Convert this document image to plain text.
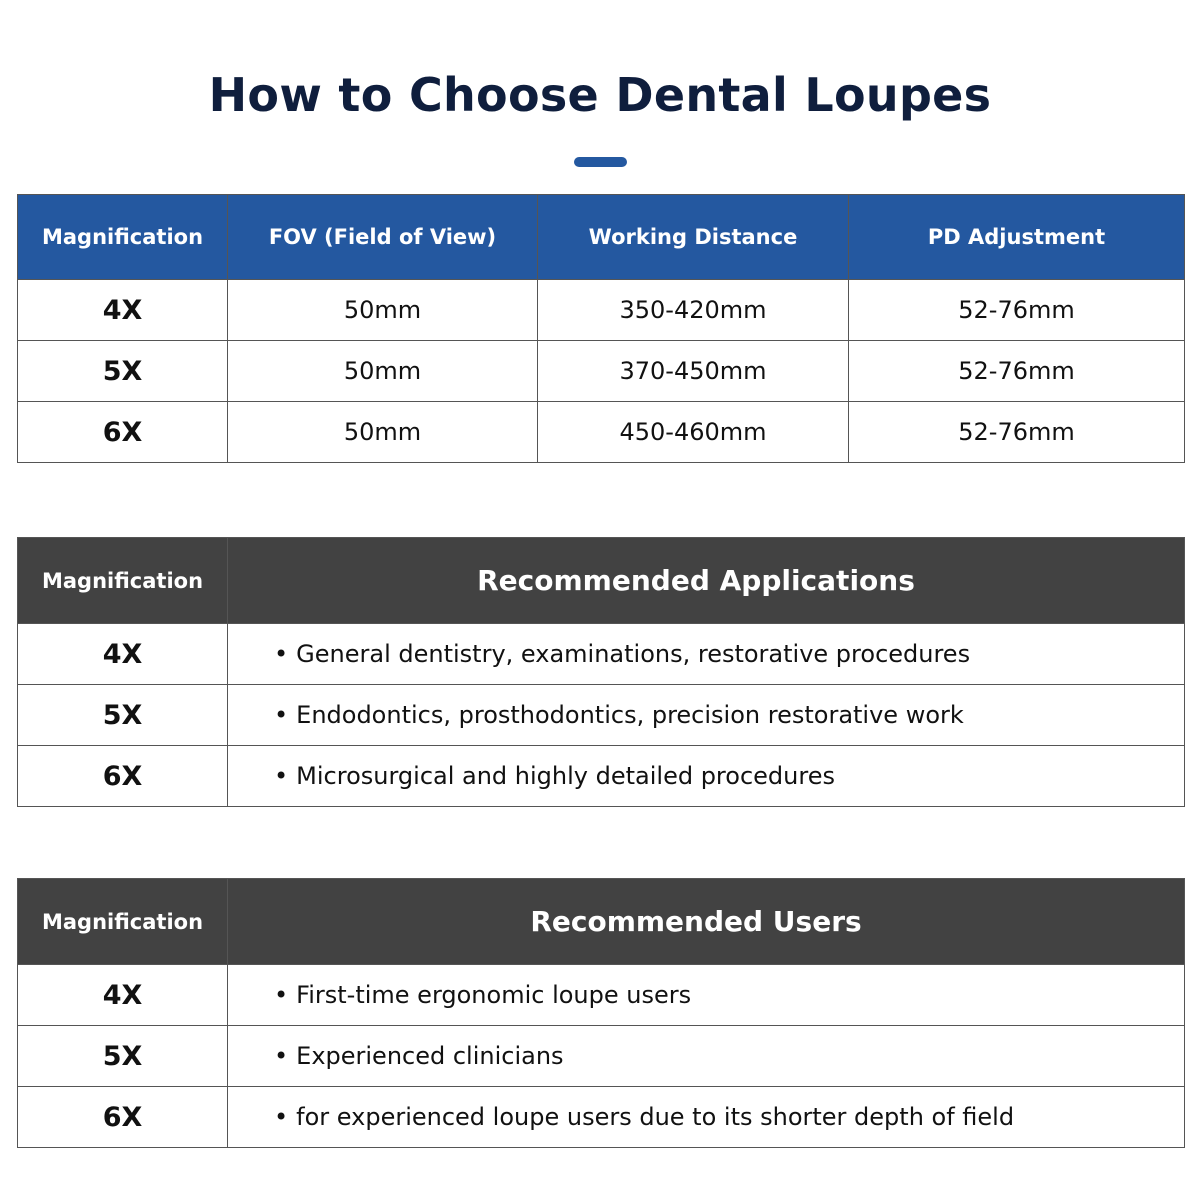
How to Choose Dental Loupes
Magnification	FOV (Field of View)	Working Distance	PD Adjustment
4X	50mm	350-420mm	52-76mm
5X	50mm	370-450mm	52-76mm
6X	50mm	450-460mm	52-76mm
Magnification	Recommended Applications
4X	• General dentistry, examinations, restorative procedures
5X	• Endodontics, prosthodontics, precision restorative work
6X	• Microsurgical and highly detailed procedures
Magnification	Recommended Users
4X	• First-time ergonomic loupe users
5X	• Experienced clinicians
6X	• for experienced loupe users due to its shorter depth of field
